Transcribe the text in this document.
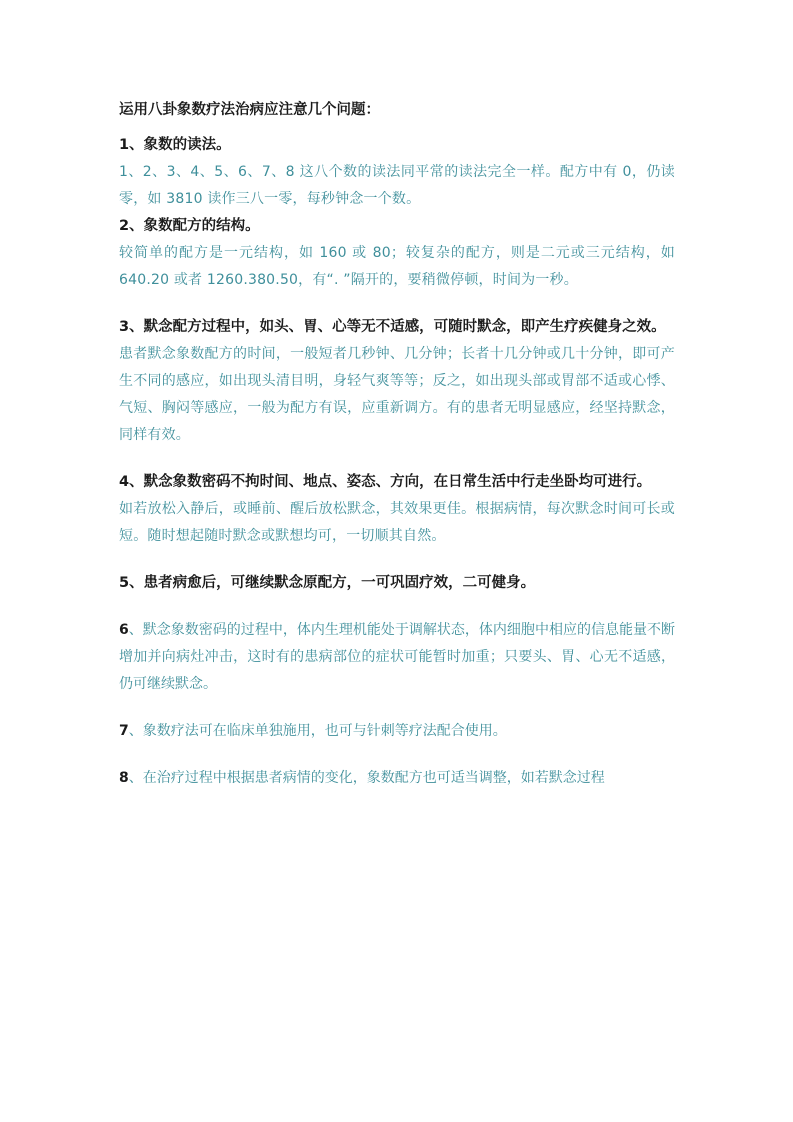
运用八卦象数疗法治病应注意几个问题：

1、象数的读法。

1、2、3、4、5、6、7、8 这八个数的读法同平常的读法完全一样。配方中有 0，仍读零，如 3810 读作三八一零，每秒钟念一个数。

2、象数配方的结构。

较简单的配方是一元结构，如 160 或 80；较复杂的配方，则是二元或三元结构，如 640.20 或者 1260.380.50，有“. ”隔开的，要稍微停顿，时间为一秒。

3、默念配方过程中，如头、胃、心等无不适感，可随时默念，即产生疗疾健身之效。

患者默念象数配方的时间，一般短者几秒钟、几分钟；长者十几分钟或几十分钟，即可产生不同的感应，如出现头清目明，身轻气爽等等；反之，如出现头部或胃部不适或心悸、气短、胸闷等感应，一般为配方有误，应重新调方。有的患者无明显感应，经坚持默念，同样有效。

4、默念象数密码不拘时间、地点、姿态、方向，在日常生活中行走坐卧均可进行。

如若放松入静后，或睡前、醒后放松默念，其效果更佳。根据病情，每次默念时间可长或短。随时想起随时默念或默想均可，一切顺其自然。

5、患者病愈后，可继续默念原配方，一可巩固疗效，二可健身。

6、默念象数密码的过程中，体内生理机能处于调解状态，体内细胞中相应的信息能量不断增加并向病灶冲击，这时有的患病部位的症状可能暂时加重；只要头、胃、心无不适感，仍可继续默念。

7、象数疗法可在临床单独施用，也可与针刺等疗法配合使用。

8、在治疗过程中根据患者病情的变化，象数配方也可适当调整，如若默念过程
